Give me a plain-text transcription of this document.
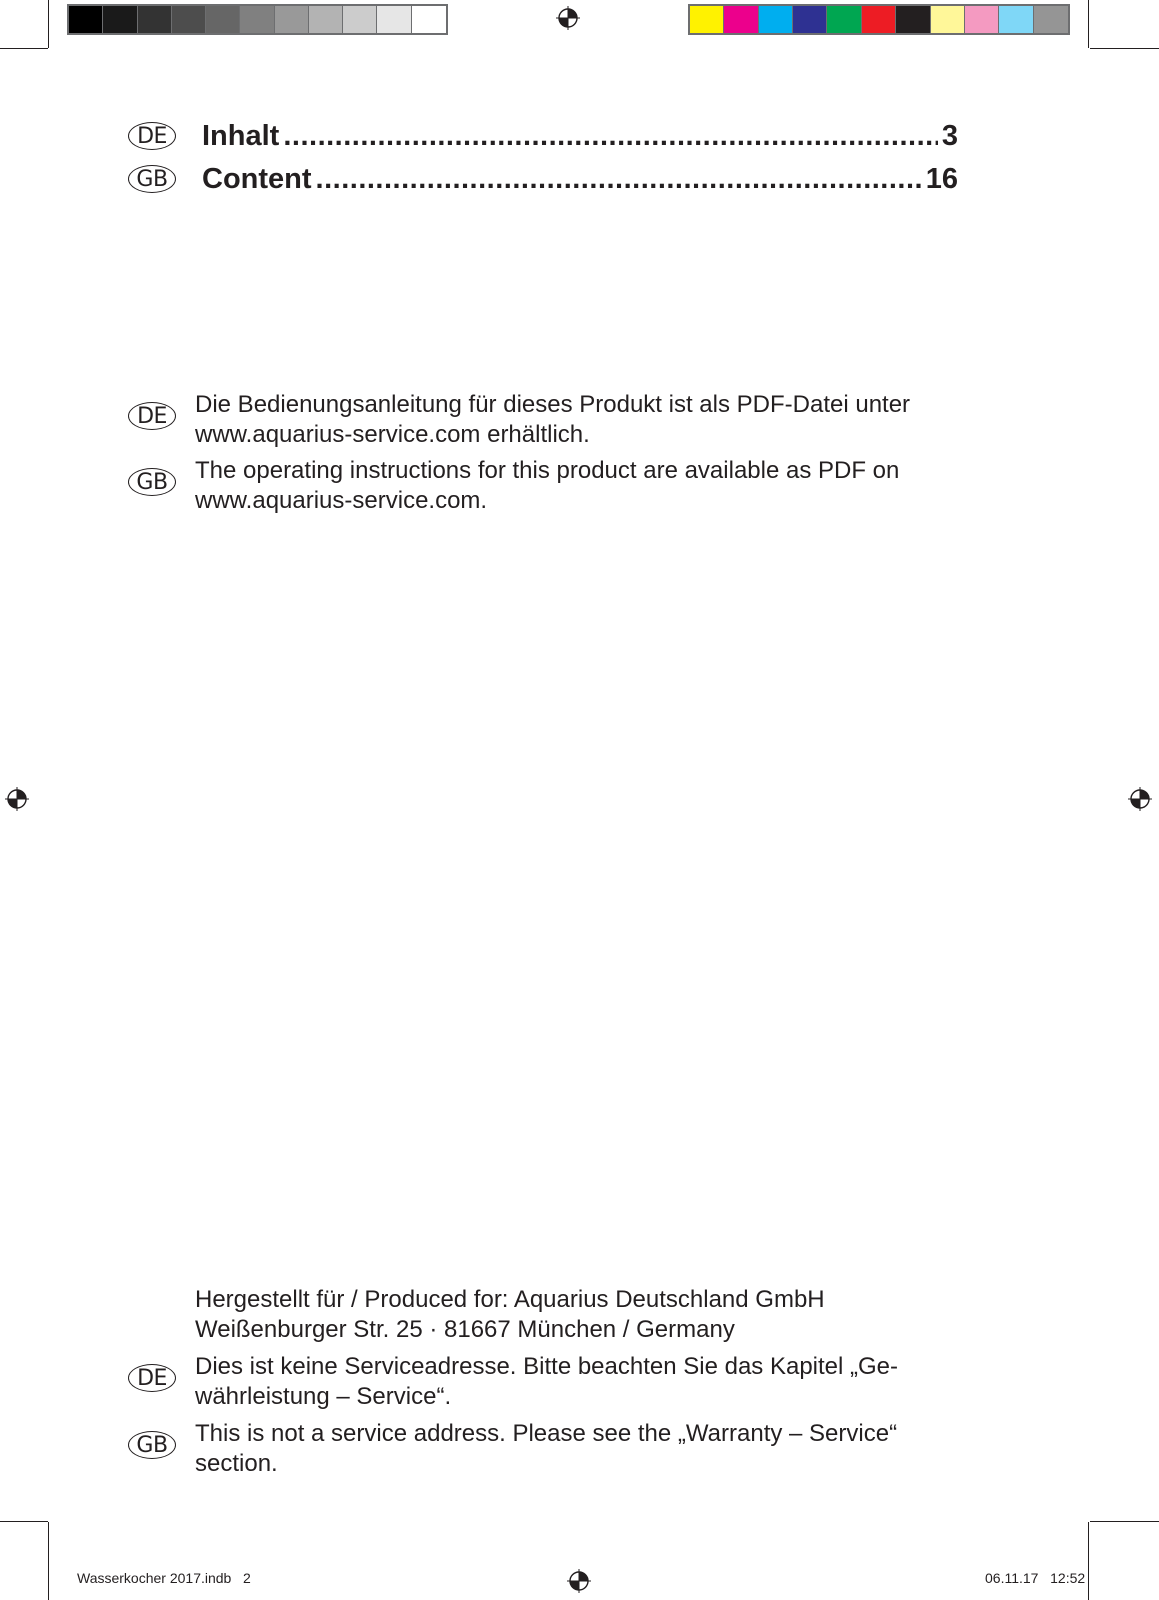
DE	Inhalt .....	3
GB Content .....	16
DE	Die Bedienungsanleitung für dieses Produkt ist als PDF-Datei unter
www.aquarius-service.com erhältlich.
GB	The operating instructions for this product are available as PDF on
www.aquarius-service.com.
Hergestellt für / Produced for: Aquarius Deutschland GmbH
Weißenburger Str. 25 · 81667 München / Germany
DE	Dies ist keine Serviceadresse. Bitte beachten Sie das Kapitel „Ge-
währleistung – Service“.
GB	This is not a service address. Please see the „Warranty – Service“
section.
Wasserkocher 2017.indb   2	06.11.17   12:52
